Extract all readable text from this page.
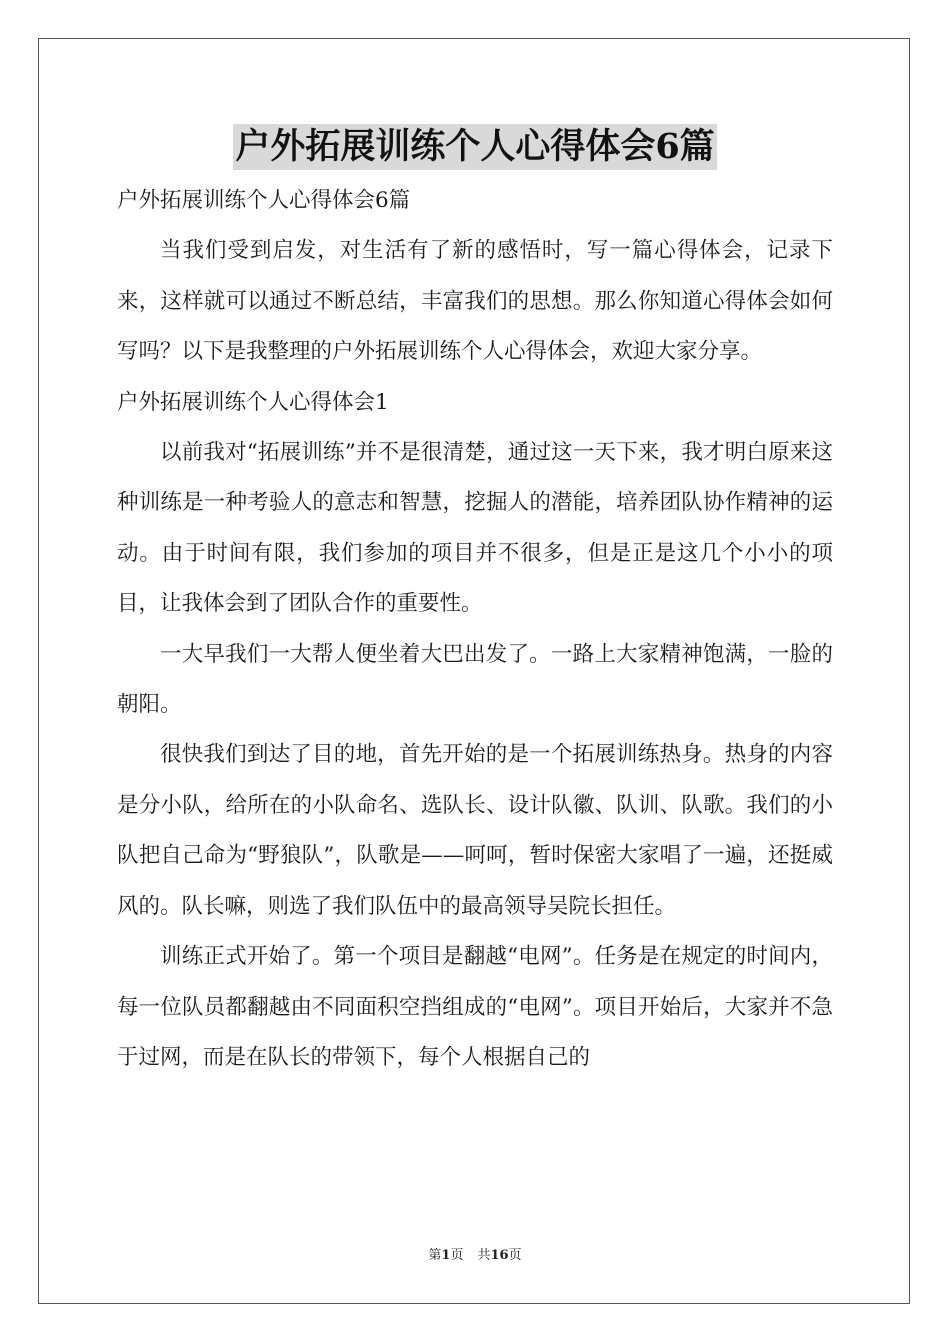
户外拓展训练个人心得体会6篇

户外拓展训练个人心得体会6篇

当我们受到启发，对生活有了新的感悟时，写一篇心得体会，记录下来，这样就可以通过不断总结，丰富我们的思想。那么你知道心得体会如何写吗？以下是我整理的户外拓展训练个人心得体会，欢迎大家分享。

户外拓展训练个人心得体会1

以前我对“拓展训练”并不是很清楚，通过这一天下来，我才明白原来这种训练是一种考验人的意志和智慧，挖掘人的潜能，培养团队协作精神的运动。由于时间有限，我们参加的项目并不很多，但是正是这几个小小的项目，让我体会到了团队合作的重要性。

一大早我们一大帮人便坐着大巴出发了。一路上大家精神饱满，一脸的朝阳。

很快我们到达了目的地，首先开始的是一个拓展训练热身。热身的内容是分小队，给所在的小队命名、选队长、设计队徽、队训、队歌。我们的小队把自己命为“野狼队”，队歌是——呵呵，暂时保密大家唱了一遍，还挺威风的。队长嘛，则选了我们队伍中的最高领导吴院长担任。

训练正式开始了。第一个项目是翻越“电网”。任务是在规定的时间内，每一位队员都翻越由不同面积空挡组成的“电网”。项目开始后，大家并不急于过网，而是在队长的带领下，每个人根据自己的

第1页 共16页
